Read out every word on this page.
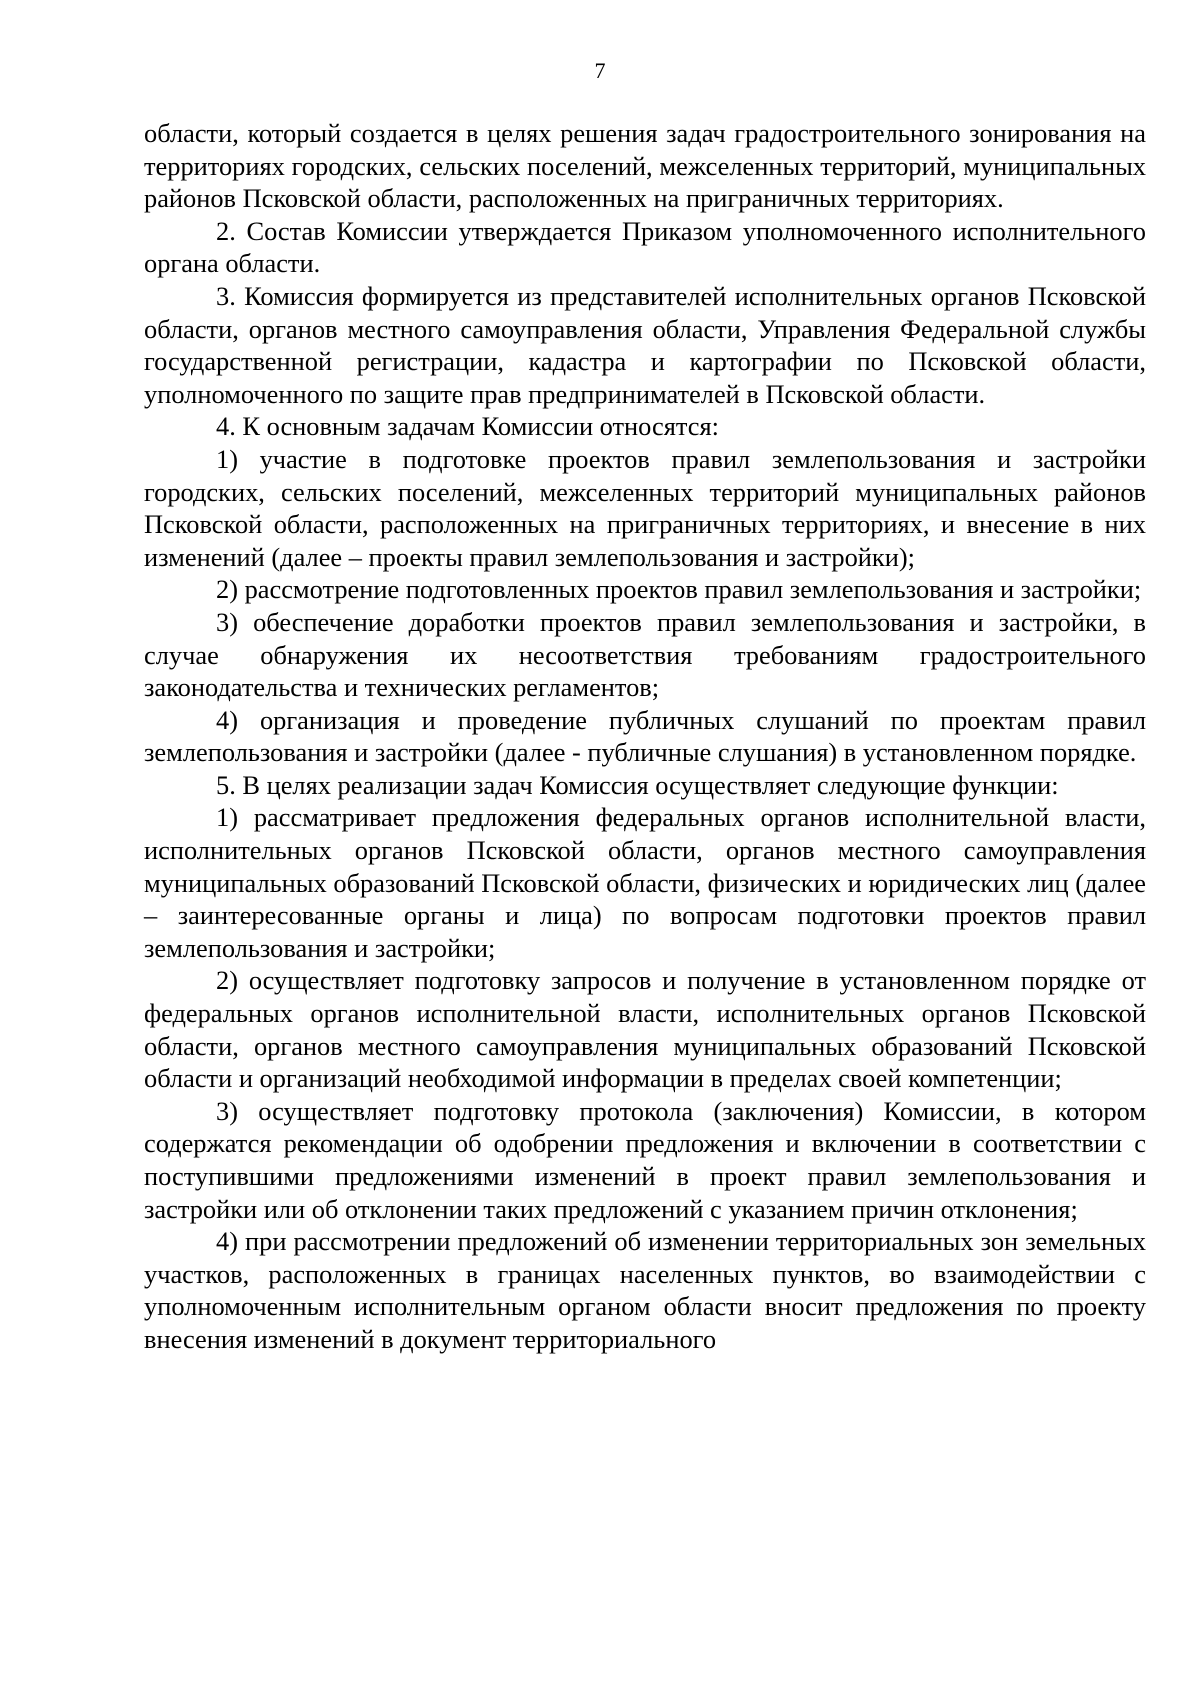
7

области, который создается в целях решения задач градостроительного зонирования на территориях городских, сельских поселений, межселенных территорий, муниципальных районов Псковской области, расположенных на приграничных территориях.

2. Состав Комиссии утверждается Приказом уполномоченного исполнительного органа области.

3. Комиссия формируется из представителей исполнительных органов Псковской области, органов местного самоуправления области, Управления Федеральной службы государственной регистрации, кадастра и картографии по Псковской области, уполномоченного по защите прав предпринимателей в Псковской области.

4. К основным задачам Комиссии относятся:

1) участие в подготовке проектов правил землепользования и застройки городских, сельских поселений, межселенных территорий муниципальных районов Псковской области, расположенных на приграничных территориях, и внесение в них изменений (далее – проекты правил землепользования и застройки);

2) рассмотрение подготовленных проектов правил землепользования и застройки;

3) обеспечение доработки проектов правил землепользования и застройки, в случае обнаружения их несоответствия требованиям градостроительного законодательства и технических регламентов;

4) организация и проведение публичных слушаний по проектам правил землепользования и застройки (далее - публичные слушания) в установленном порядке.

5. В целях реализации задач Комиссия осуществляет следующие функции:

1) рассматривает предложения федеральных органов исполнительной власти, исполнительных органов Псковской области, органов местного самоуправления муниципальных образований Псковской области, физических и юридических лиц (далее – заинтересованные органы и лица) по вопросам подготовки проектов правил землепользования и застройки;

2) осуществляет подготовку запросов и получение в установленном порядке от федеральных органов исполнительной власти, исполнительных органов Псковской области, органов местного самоуправления муниципальных образований Псковской области и организаций необходимой информации в пределах своей компетенции;

3) осуществляет подготовку протокола (заключения) Комиссии, в котором содержатся рекомендации об одобрении предложения и включении в соответствии с поступившими предложениями изменений в проект правил землепользования и застройки или об отклонении таких предложений с указанием причин отклонения;

4) при рассмотрении предложений об изменении территориальных зон земельных участков, расположенных в границах населенных пунктов, во взаимодействии с уполномоченным исполнительным органом области вносит предложения по проекту внесения изменений в документ территориального
